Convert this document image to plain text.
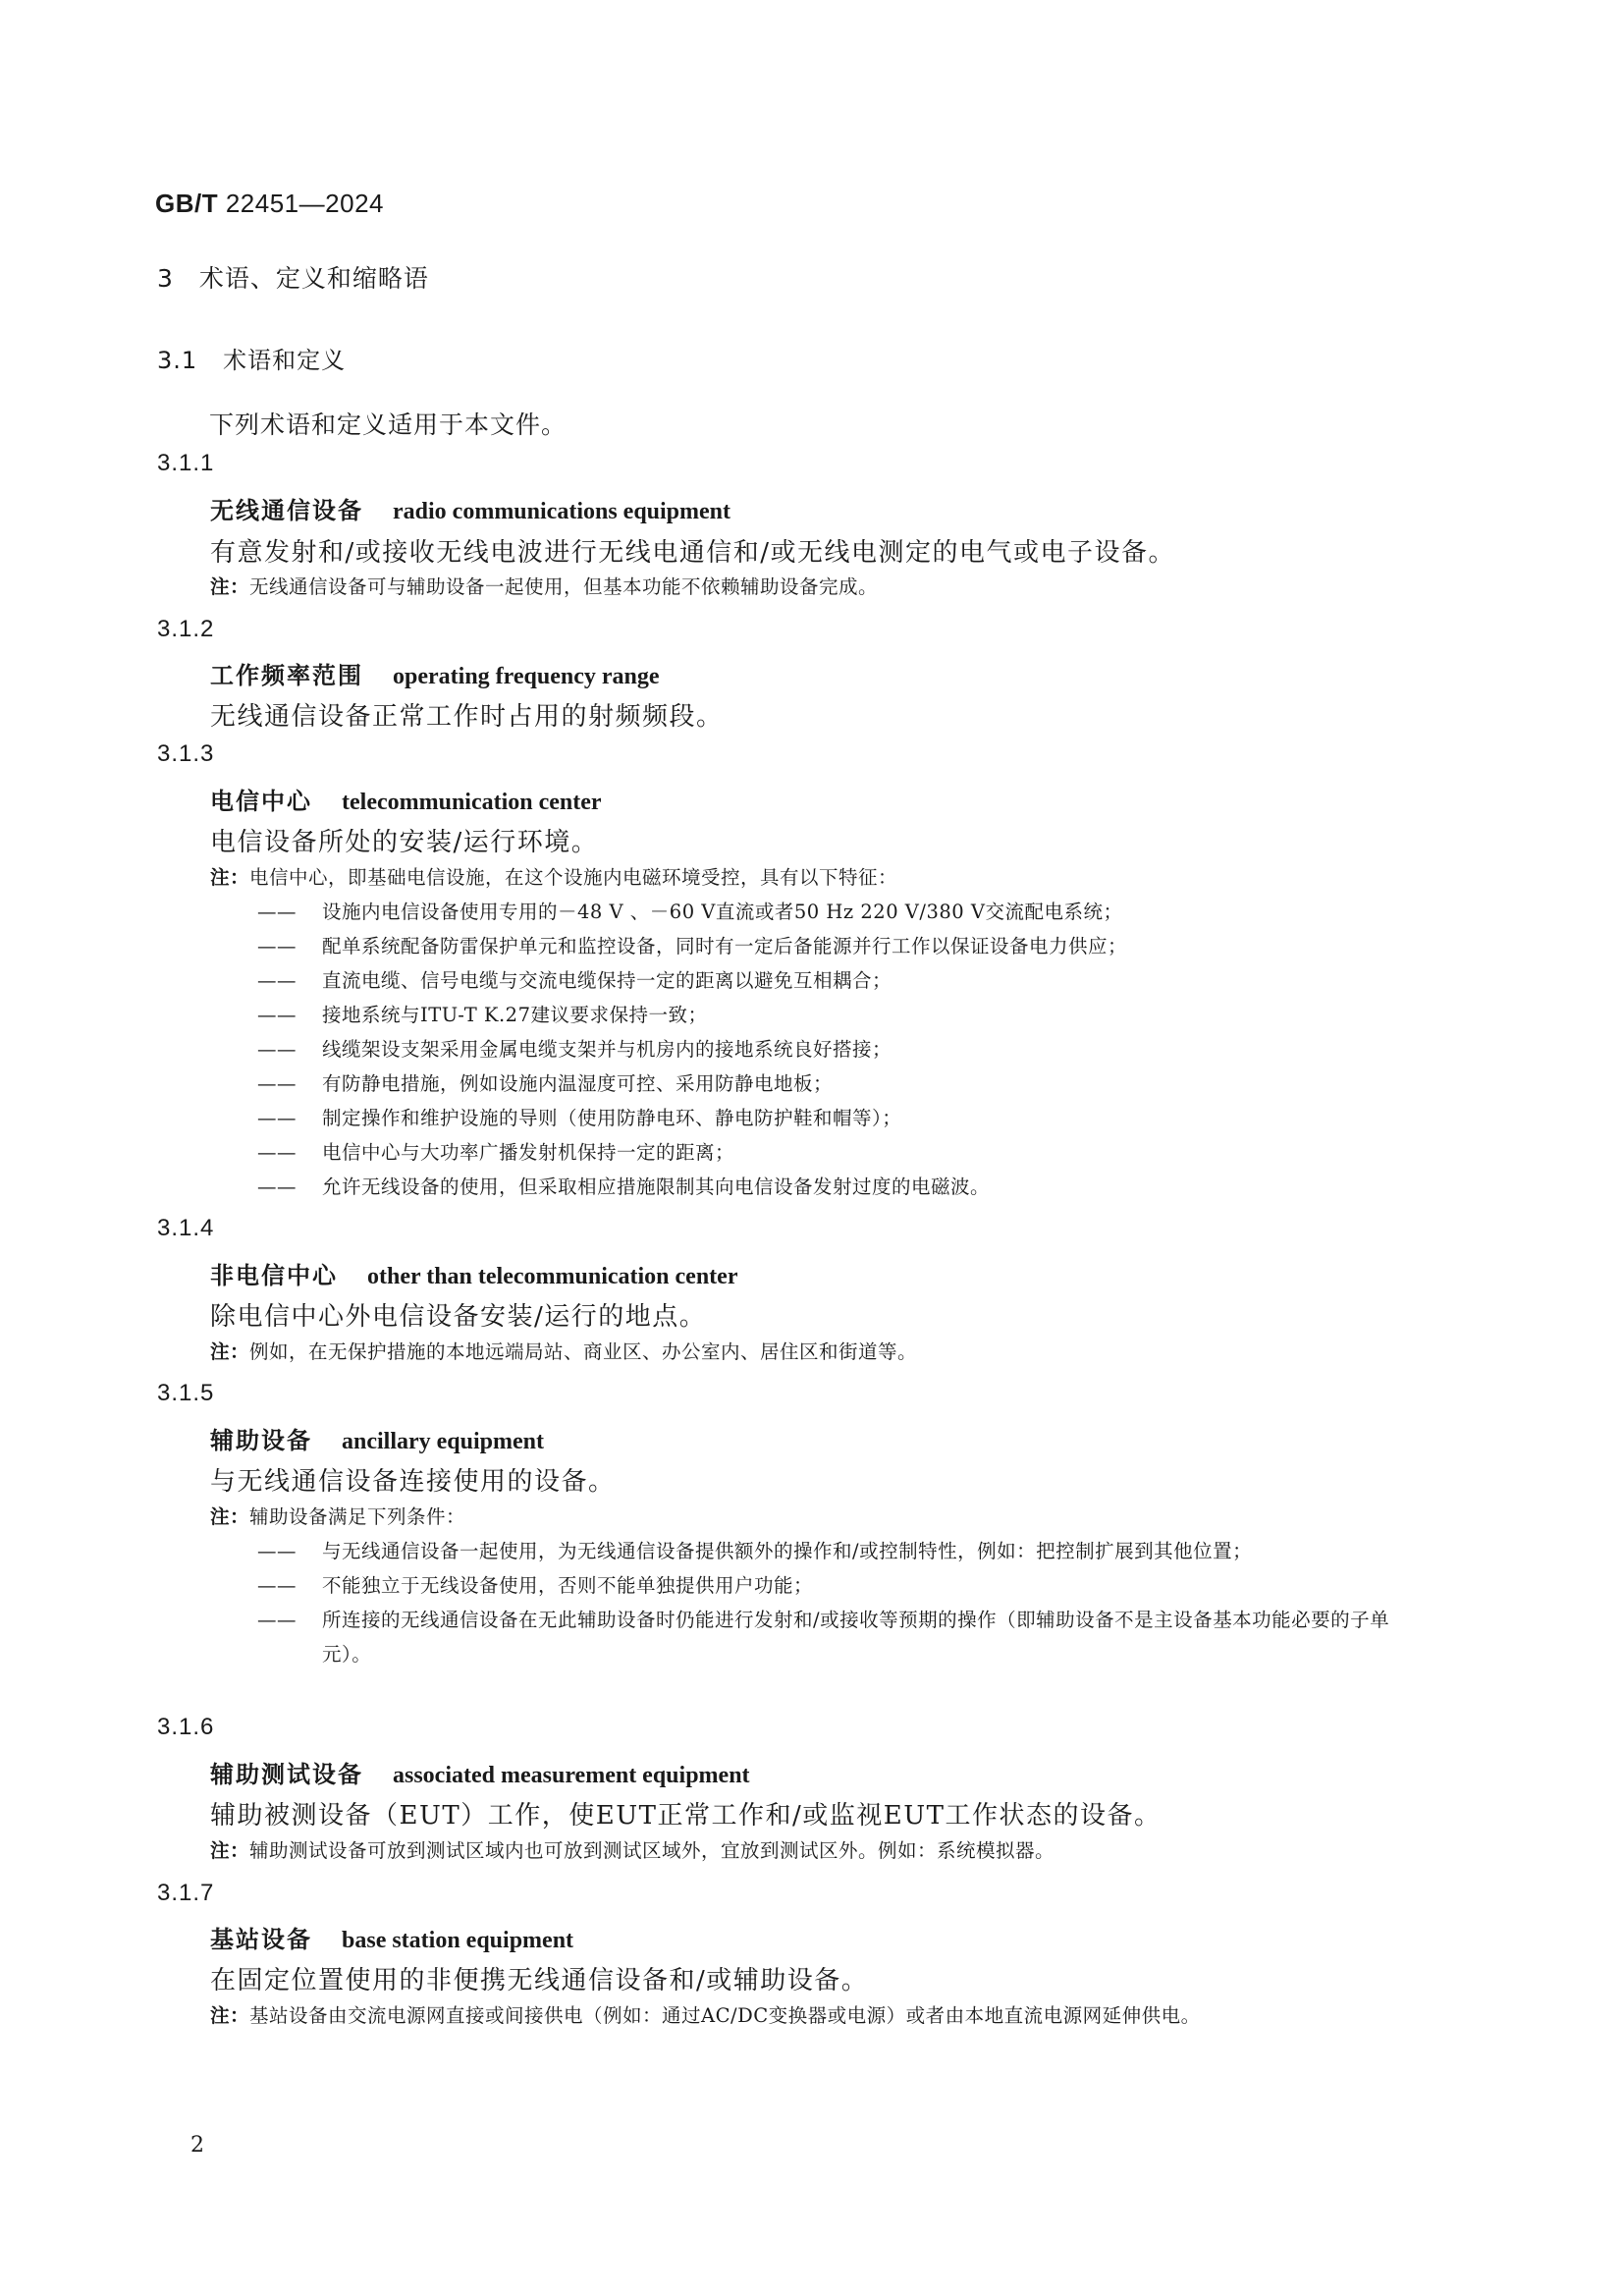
GB/T 22451—2024
3 术语、定义和缩略语
3.1 术语和定义
下列术语和定义适用于本文件。
3.1.1
无线通信设备 radio communications equipment
有意发射和/或接收无线电波进行无线电通信和/或无线电测定的电气或电子设备。
注：无线通信设备可与辅助设备一起使用，但基本功能不依赖辅助设备完成。
3.1.2
工作频率范围 operating frequency range
无线通信设备正常工作时占用的射频频段。
3.1.3
电信中心 telecommunication center
电信设备所处的安装/运行环境。
注：电信中心，即基础电信设施，在这个设施内电磁环境受控，具有以下特征：
——	设施内电信设备使用专用的－48 V 、－60 V直流或者50 Hz 220 V/380 V交流配电系统；
——	配单系统配备防雷保护单元和监控设备，同时有一定后备能源并行工作以保证设备电力供应；
——	直流电缆、信号电缆与交流电缆保持一定的距离以避免互相耦合；
——	接地系统与ITU-T K.27建议要求保持一致；
——	线缆架设支架采用金属电缆支架并与机房内的接地系统良好搭接；
——	有防静电措施，例如设施内温湿度可控、采用防静电地板；
——	制定操作和维护设施的导则（使用防静电环、静电防护鞋和帽等）；
——	电信中心与大功率广播发射机保持一定的距离；
——	允许无线设备的使用，但采取相应措施限制其向电信设备发射过度的电磁波。
3.1.4
非电信中心 other than telecommunication center
除电信中心外电信设备安装/运行的地点。
注：例如，在无保护措施的本地远端局站、商业区、办公室内、居住区和街道等。
3.1.5
辅助设备 ancillary equipment
与无线通信设备连接使用的设备。
注：辅助设备满足下列条件：
——	与无线通信设备一起使用，为无线通信设备提供额外的操作和/或控制特性，例如：把控制扩展到其他位置；
——	不能独立于无线设备使用，否则不能单独提供用户功能；
——	所连接的无线通信设备在无此辅助设备时仍能进行发射和/或接收等预期的操作（即辅助设备不是主设备基本功能必要的子单元）。
3.1.6
辅助测试设备 associated measurement equipment
辅助被测设备（EUT）工作，使EUT正常工作和/或监视EUT工作状态的设备。
注：辅助测试设备可放到测试区域内也可放到测试区域外，宜放到测试区外。例如：系统模拟器。
3.1.7
基站设备 base station equipment
在固定位置使用的非便携无线通信设备和/或辅助设备。
注：基站设备由交流电源网直接或间接供电（例如：通过AC/DC变换器或电源）或者由本地直流电源网延伸供电。
2
